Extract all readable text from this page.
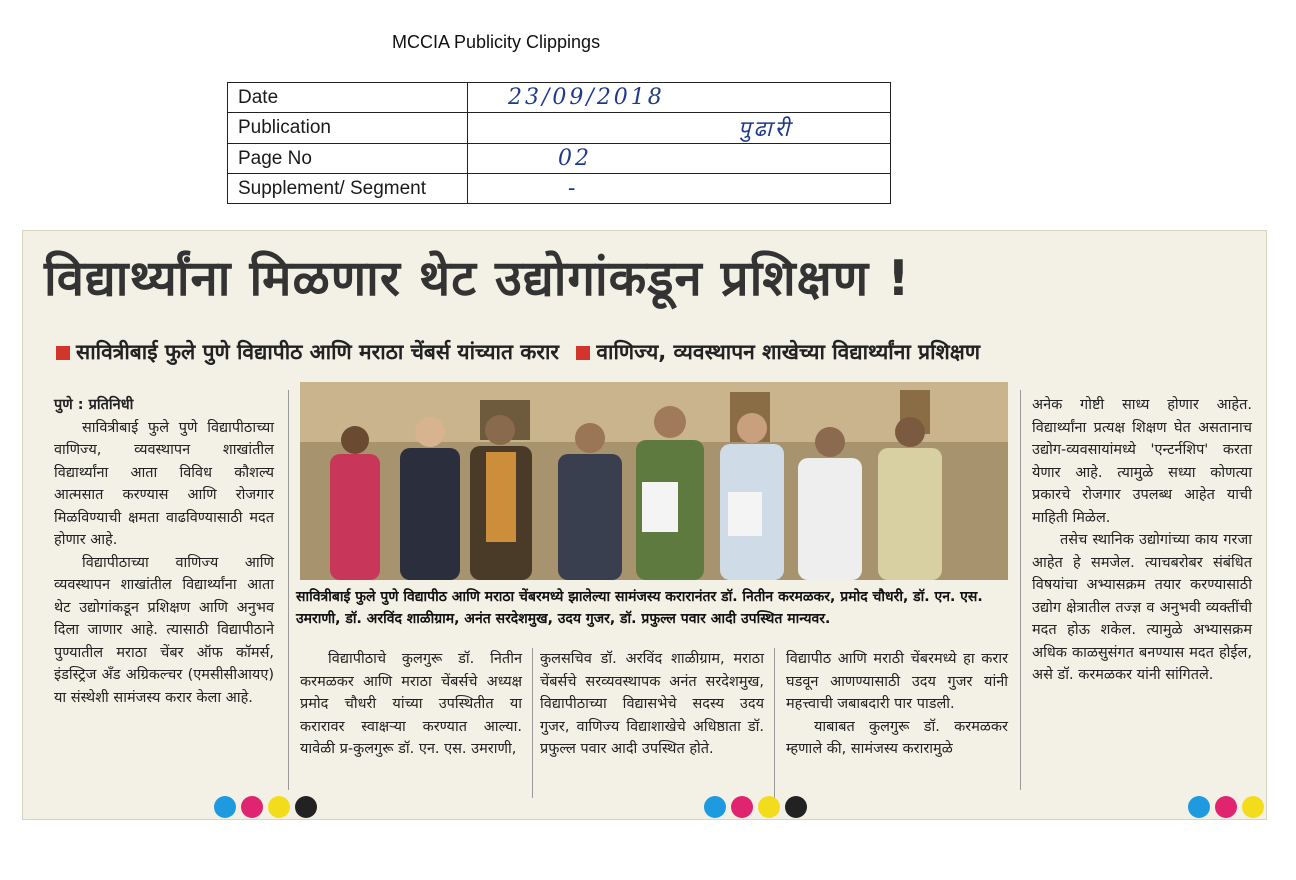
MCCIA Publicity Clippings
Date	23/09/2018
Publication	पुढारी
Page No	02
Supplement/ Segment	-
विद्यार्थ्यांना मिळणार थेट उद्योगांकडून प्रशिक्षण !
सावित्रीबाई फुले पुणे विद्यापीठ आणि मराठा चेंबर्स यांच्यात करार वाणिज्य, व्यवस्थापन शाखेच्या विद्यार्थ्यांना प्रशिक्षण

पुणे : प्रतिनिधी

सावित्रीबाई फुले पुणे विद्यापीठाच्या वाणिज्य, व्यवस्थापन शाखांतील विद्यार्थ्यांना आता विविध कौशल्य आत्मसात करण्यास आणि रोजगार मिळविण्याची क्षमता वाढविण्यासाठी मदत होणार आहे.

विद्यापीठाच्या वाणिज्य आणि व्यवस्थापन शाखांतील विद्यार्थ्यांना आता थेट उद्योगांकडून प्रशिक्षण आणि अनुभव दिला जाणार आहे. त्यासाठी विद्यापीठाने पुण्यातील मराठा चेंबर ऑफ कॉमर्स, इंडस्ट्रिज अँड अग्रिकल्चर (एमसीसीआयए) या संस्थेशी सामंजस्य करार केला आहे.

सावित्रीबाई फुले पुणे विद्यापीठ आणि मराठा चेंबरमध्ये झालेल्या सामंजस्य करारानंतर डॉ. नितीन करमळकर, प्रमोद चौधरी, डॉ. एन. एस. उमराणी, डॉ. अरविंद शाळीग्राम, अनंत सरदेशमुख, उदय गुजर, डॉ. प्रफुल्ल पवार आदी उपस्थित मान्यवर.

विद्यापीठाचे कुलगुरू डॉ. नितीन करमळकर आणि मराठा चेंबर्सचे अध्यक्ष प्रमोद चौधरी यांच्या उपस्थितीत या करारावर स्वाक्षऱ्या करण्यात आल्या. यावेळी प्र-कुलगुरू डॉ. एन. एस. उमराणी,

कुलसचिव डॉ. अरविंद शाळीग्राम, मराठा चेंबर्सचे सरव्यवस्थापक अनंत सरदेशमुख, विद्यापीठाच्या विद्यासभेचे सदस्य उदय गुजर, वाणिज्य विद्याशाखेचे अधिष्ठाता डॉ. प्रफुल्ल पवार आदी उपस्थित होते.

विद्यापीठ आणि मराठी चेंबरमध्ये हा करार घडवून आणण्यासाठी उदय गुजर यांनी महत्त्वाची जबाबदारी पार पाडली.

याबाबत कुलगुरू डॉ. करमळकर म्हणाले की, सामंजस्य करारामुळे

अनेक गोष्टी साध्य होणार आहेत. विद्यार्थ्यांना प्रत्यक्ष शिक्षण घेत असतानाच उद्योग-व्यवसायांमध्ये 'एन्टर्नशिप' करता येणार आहे. त्यामुळे सध्या कोणत्या प्रकारचे रोजगार उपलब्ध आहेत याची माहिती मिळेल.

तसेच स्थानिक उद्योगांच्या काय गरजा आहेत हे समजेल. त्याचबरोबर संबंधित विषयांचा अभ्यासक्रम तयार करण्यासाठी उद्योग क्षेत्रातील तज्ज्ञ व अनुभवी व्यक्तींची मदत होऊ शकेल. त्यामुळे अभ्यासक्रम अधिक काळसुसंगत बनण्यास मदत होईल, असे डॉ. करमळकर यांनी सांगितले.
